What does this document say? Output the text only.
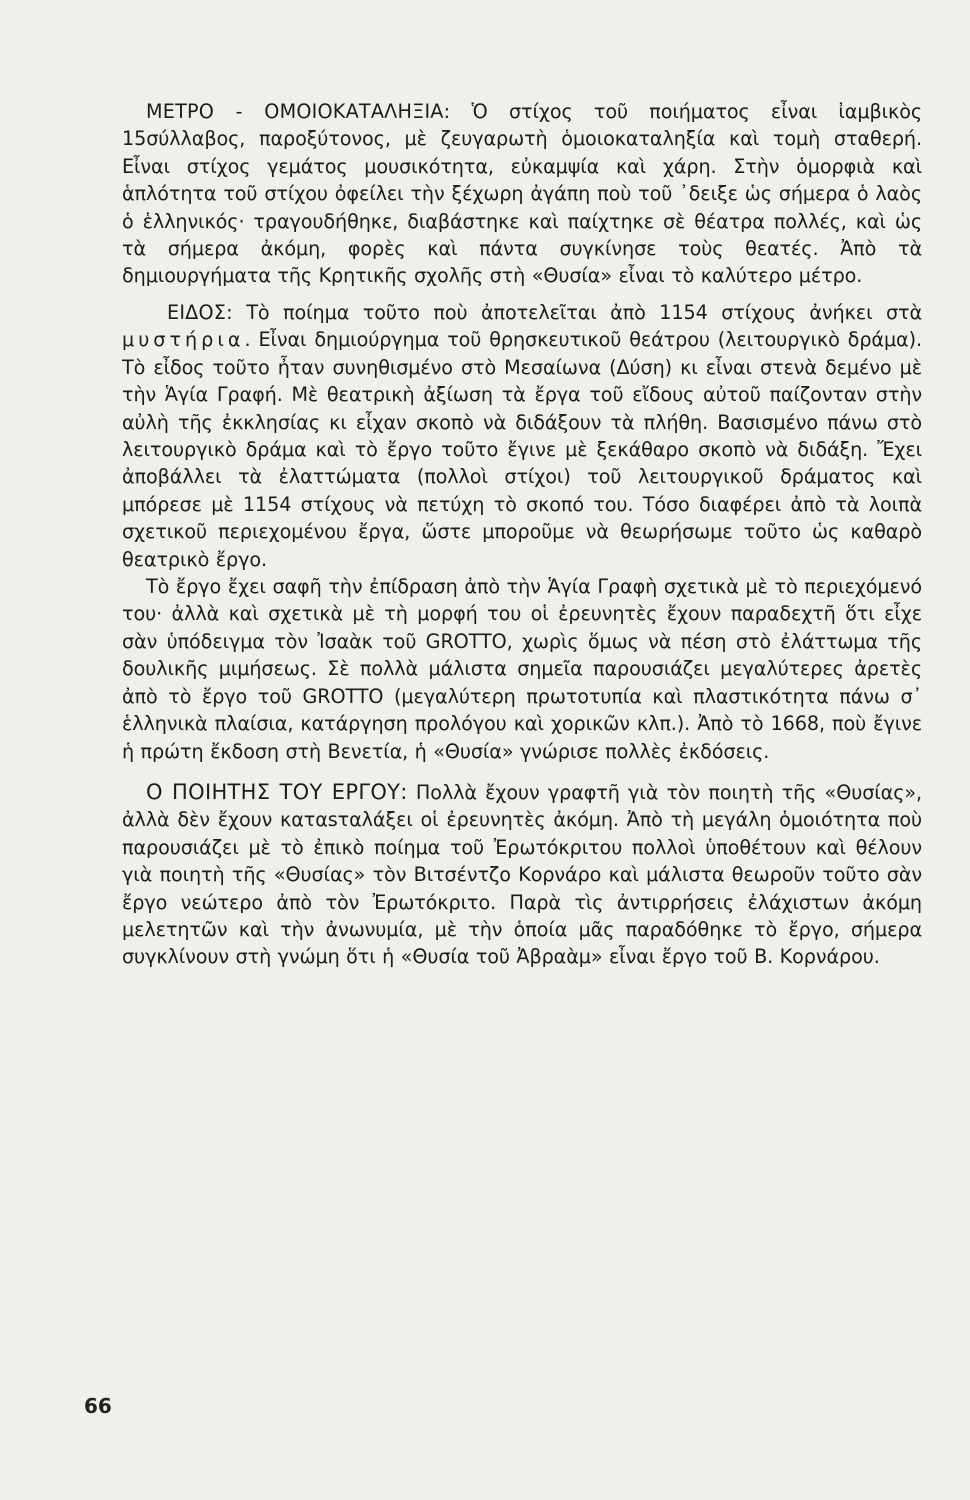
ΜΕΤΡΟ - ΟΜΟΙΟΚΑΤΑΛΗΞΙΑ: Ὁ στίχος τοῦ ποιήματος εἶναι ἰαμβικὸς 15σύλλαβος, παροξύτονος, μὲ ζευγαρωτὴ ὁμοιοκαταληξία καὶ τομὴ σταθερή. Εἶναι στίχος γεμάτος μουσικότητα, εὐκαμψία καὶ χάρη. Στὴν ὁμορφιὰ καὶ ἁπλότητα τοῦ στίχου ὀφείλει τὴν ξέχωρη ἀγάπη ποὺ τοῦ ᾽δειξε ὡς σήμερα ὁ λαὸς ὁ ἑλληνικός· τραγουδήθηκε, διαβάστηκε καὶ παίχτηκε σὲ θέατρα πολλές, καὶ ὡς τὰ σήμερα ἀκόμη, φορὲς καὶ πάντα συγκίνησε τοὺς θεατές. Ἀπὸ τὰ δημιουργήματα τῆς Κρητικῆς σχολῆς στὴ «Θυσία» εἶναι τὸ καλύτερο μέτρο.

ΕΙΔΟΣ: Τὸ ποίημα τοῦτο ποὺ ἀποτελεῖται ἀπὸ 1154 στίχους ἀνήκει στὰ μυστήρια. Εἶναι δημιούργημα τοῦ θρησκευτικοῦ θεάτρου (λειτουργικὸ δράμα). Τὸ εἶδος τοῦτο ἦταν συνηθισμένο στὸ Μεσαίωνα (Δύση) κι εἶναι στενὰ δεμένο μὲ τὴν Ἁγία Γραφή. Μὲ θεατρικὴ ἀξίωση τὰ ἔργα τοῦ εἴδους αὐτοῦ παίζονταν στὴν αὐλὴ τῆς ἐκκλησίας κι εἶχαν σκοπὸ νὰ διδάξουν τὰ πλήθη. Βασισμένο πάνω στὸ λειτουργικὸ δράμα καὶ τὸ ἔργο τοῦτο ἔγινε μὲ ξεκάθαρο σκοπὸ νὰ διδάξη. Ἔχει ἀποβάλλει τὰ ἐλαττώματα (πολλοὶ στίχοι) τοῦ λειτουργικοῦ δράματος καὶ μπόρεσε μὲ 1154 στίχους νὰ πετύχη τὸ σκοπό του. Τόσο διαφέρει ἀπὸ τὰ λοιπὰ σχετικοῦ περιεχομένου ἔργα, ὥστε μποροῦμε νὰ θεωρήσωμε τοῦτο ὡς καθαρὸ θεατρικὸ ἔργο.

Τὸ ἔργο ἔχει σαφῆ τὴν ἐπίδραση ἀπὸ τὴν Ἁγία Γραφὴ σχετικὰ μὲ τὸ περιεχόμενό του· ἀλλὰ καὶ σχετικὰ μὲ τὴ μορφή του οἱ ἐρευνητὲς ἔχουν παραδεχτῆ ὅτι εἶχε σὰν ὑπόδειγμα τὸν Ἰσαὰκ τοῦ GROTTO, χωρὶς ὅμως νὰ πέση στὸ ἐλάττωμα τῆς δουλικῆς μιμήσεως. Σὲ πολλὰ μάλιστα σημεῖα παρουσιάζει μεγαλύτερες ἀρετὲς ἀπὸ τὸ ἔργο τοῦ GROTTO (μεγαλύτερη πρωτοτυπία καὶ πλαστικότητα πάνω σ᾽ ἑλληνικὰ πλαίσια, κατάργηση προλόγου καὶ χορικῶν κλπ.). Ἀπὸ τὸ 1668, ποὺ ἔγινε ἡ πρώτη ἔκδοση στὴ Βενετία, ἡ «Θυσία» γνώρισε πολλὲς ἐκδόσεις.

Ο ΠΟΙΗΤΗΣ ΤΟΥ ΕΡΓΟΥ: Πολλὰ ἔχουν γραφτῆ γιὰ τὸν ποιητὴ τῆς «Θυσίας», ἀλλὰ δὲν ἔχουν καταsταλάξει οἱ ἐρευνητὲς ἀκόμη. Ἀπὸ τὴ μεγάλη ὁμοιότητα ποὺ παρουσιάζει μὲ τὸ ἐπικὸ ποίημα τοῦ Ἐρωτόκριτου πολλοὶ ὑποθέτουν καὶ θέλουν γιὰ ποιητὴ τῆς «Θυσίας» τὸν Βιτσέντζο Κορνάρο καὶ μάλιστα θεωροῦν τοῦτο σὰν ἔργο νεώτερο ἀπὸ τὸν Ἐρωτόκριτο. Παρὰ τὶς ἀντιρρήσεις ἐλάχιστων ἀκόμη μελετητῶν καὶ τὴν ἀνωνυμία, μὲ τὴν ὁποία μᾶς παραδόθηκε τὸ ἔργο, σήμερα συγκλίνουν στὴ γνώμη ὅτι ἡ «Θυσία τοῦ Ἀβραὰμ» εἶναι ἔργο τοῦ Β. Κορνάρου.

66
